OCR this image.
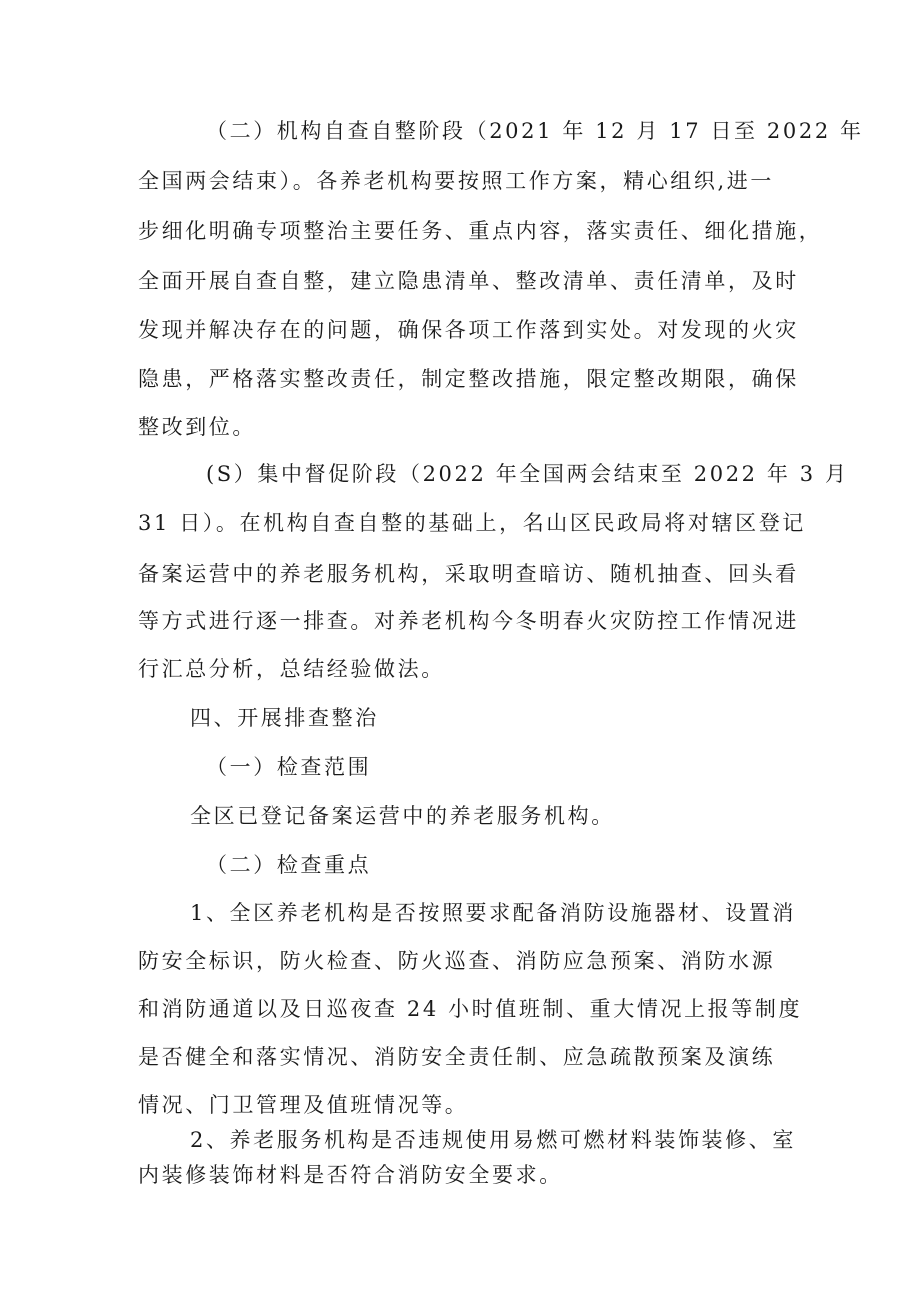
（二）机构自查自整阶段（2021 年 12 月 17 日至 2022 年
全国两会结束）。各养老机构要按照工作方案，精心组织,进一
步细化明确专项整治主要任务、重点内容，落实责任、细化措施，
全面开展自查自整，建立隐患清单、整改清单、责任清单，及时
发现并解决存在的问题，确保各项工作落到实处。对发现的火灾
隐患，严格落实整改责任，制定整改措施，限定整改期限，确保
整改到位。
(S）集中督促阶段（2022 年全国两会结束至 2022 年 3 月
31 日）。在机构自查自整的基础上，名山区民政局将对辖区登记
备案运营中的养老服务机构，采取明查暗访、随机抽查、回头看
等方式进行逐一排查。对养老机构今冬明春火灾防控工作情况进
行汇总分析，总结经验做法。
四、开展排查整治
（一）检查范围
全区已登记备案运营中的养老服务机构。
（二）检查重点
1、全区养老机构是否按照要求配备消防设施器材、设置消
防安全标识，防火检查、防火巡查、消防应急预案、消防水源
和消防通道以及日巡夜查 24 小时值班制、重大情况上报等制度
是否健全和落实情况、消防安全责任制、应急疏散预案及演练
情况、门卫管理及值班情况等。
2、养老服务机构是否违规使用易燃可燃材料装饰装修、室
内装修装饰材料是否符合消防安全要求。
